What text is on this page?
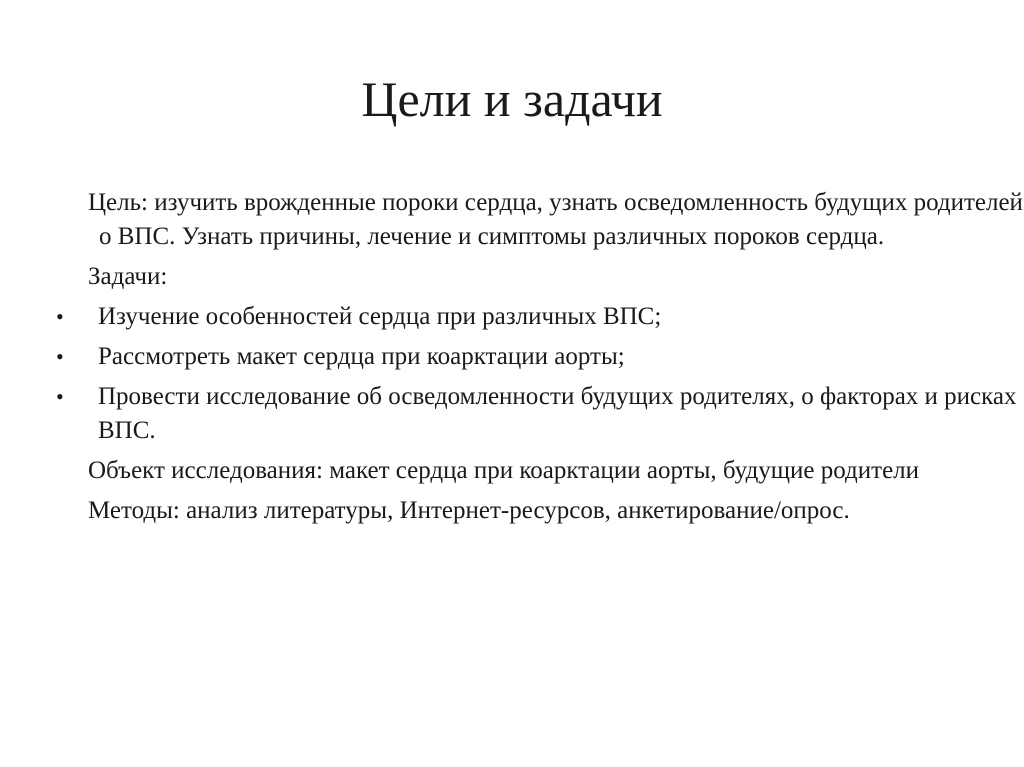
Цели и задачи

Цель: изучить врожденные пороки сердца, узнать осведомленность будущих родителей о ВПС. Узнать причины, лечение и симптомы различных пороков сердца.

Задачи:

• Изучение особенностей сердца при различных ВПС;
• Рассмотреть макет сердца при коарктации аорты;
• Провести исследование об осведомленности будущих родителях, о факторах и рисках ВПС.

Объект исследования: макет сердца при коарктации аорты, будущие родители

Методы: анализ литературы, Интернет-ресурсов, анкетирование/опрос.
